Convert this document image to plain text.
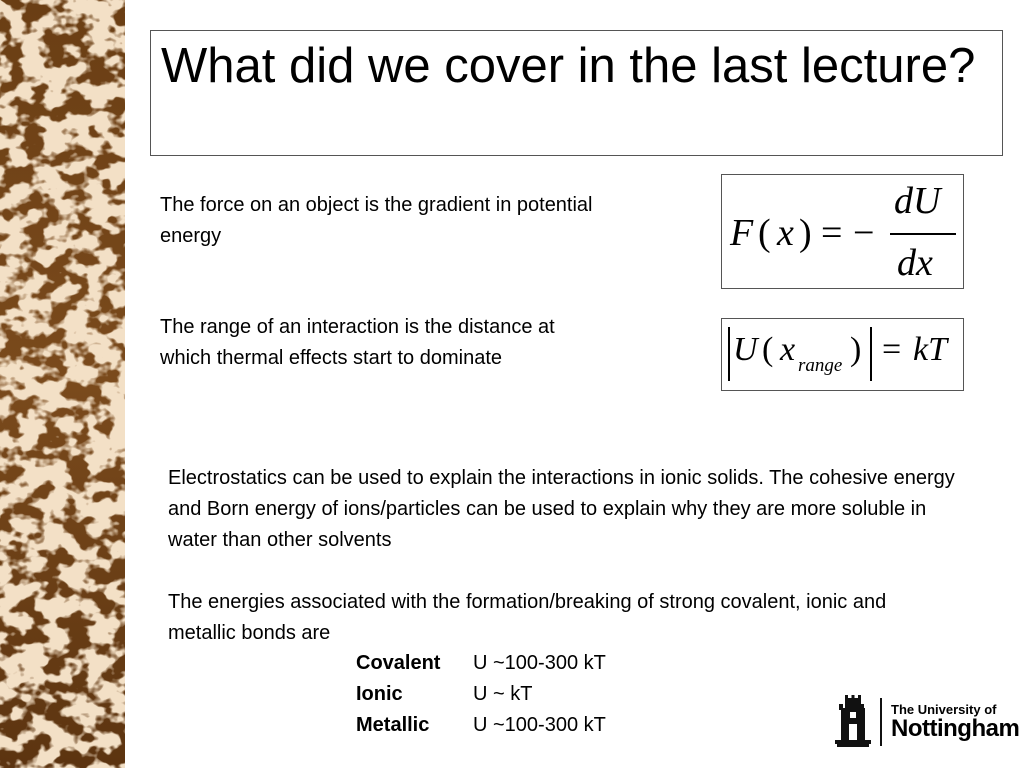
What did we cover in the last lecture?
The force on an object is the gradient in potential energy	F ( x ) = −
dU
dx
The range of an interaction is the distance at which thermal effects start to dominate	U ( x range ) = kT
Electrostatics can be used to explain the interactions in ionic solids. The cohesive energy and Born energy of ions/particles can be used to explain why they are more soluble in water than other solvents
The energies associated with the formation/breaking of strong covalent, ionic and metallic bonds are
Covalent	U ~100-300 kT
Ionic	U ~ kT
Metallic	U ~100-300 kT
The University of
Nottingham
